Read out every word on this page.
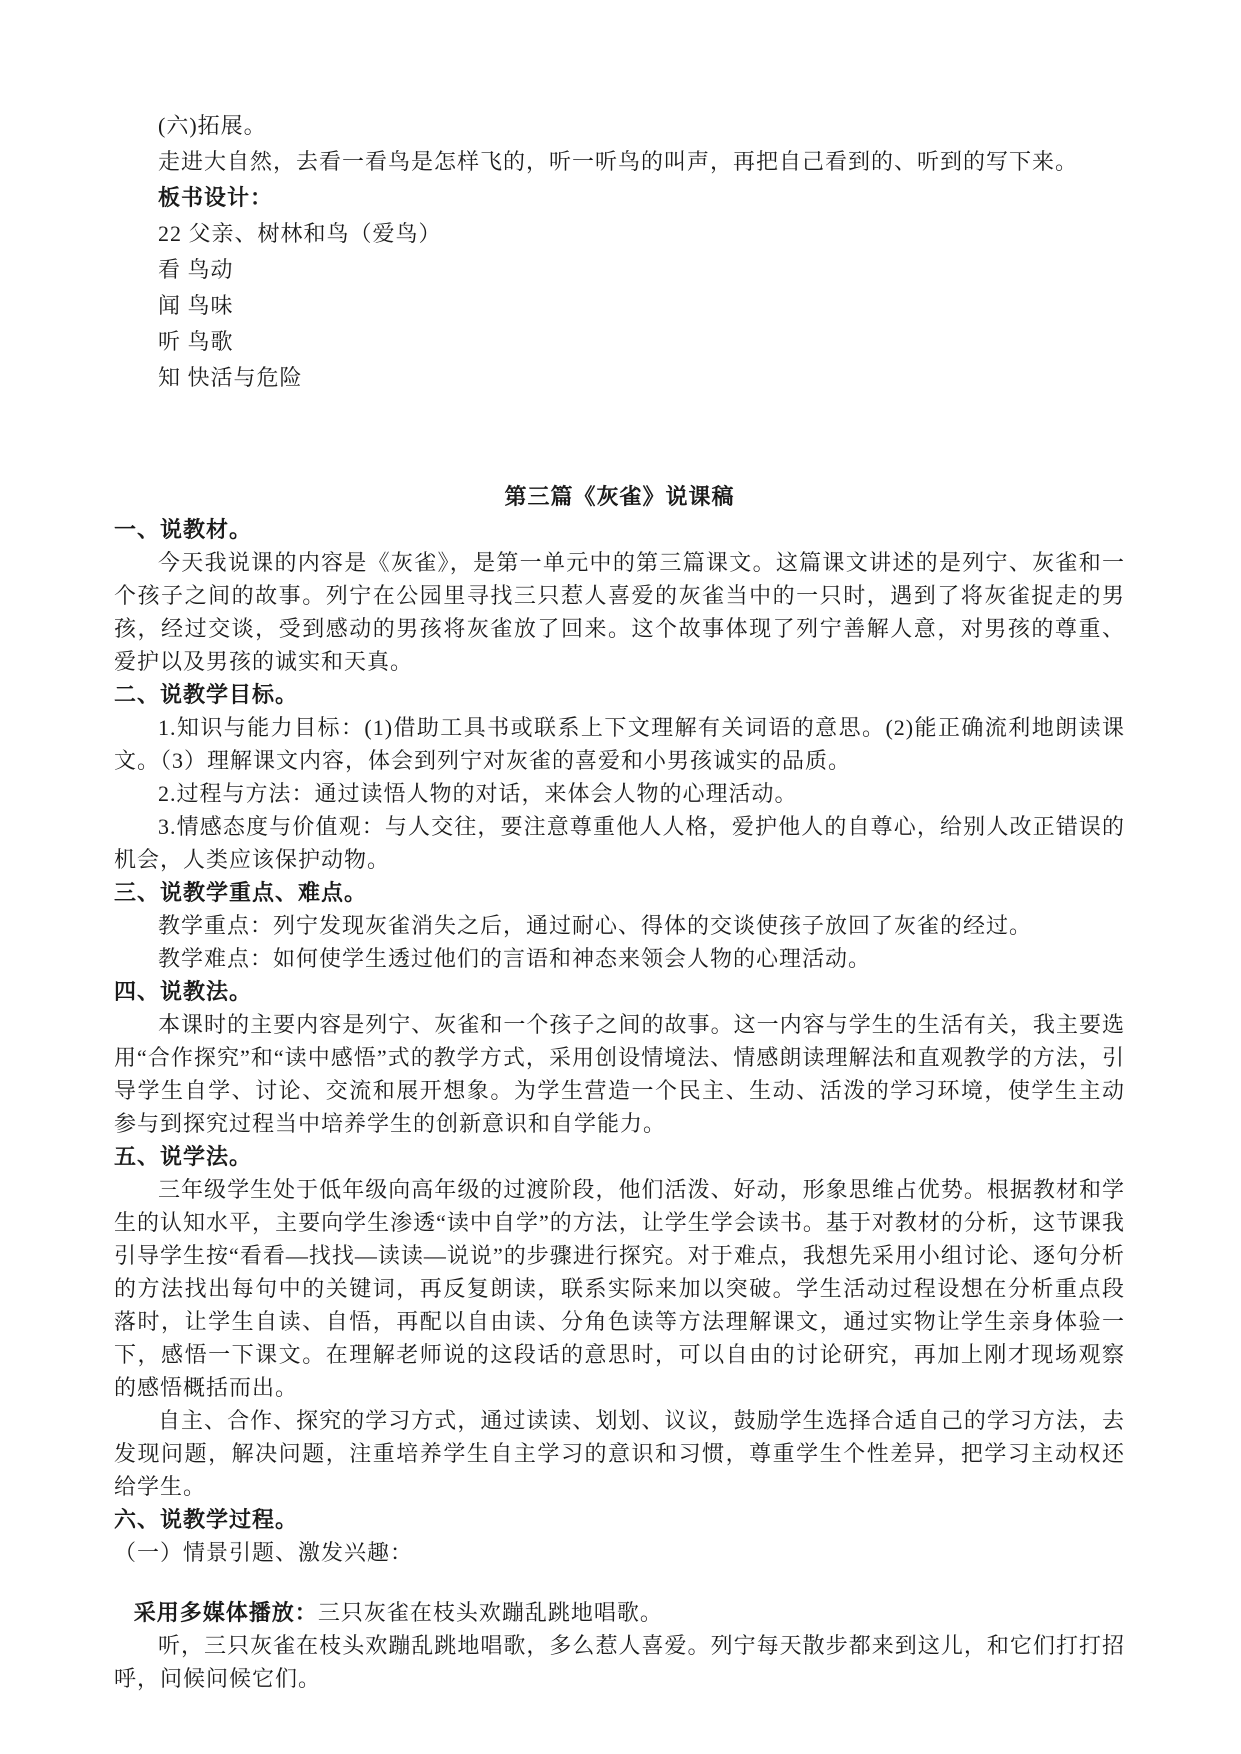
(六)拓展。
走进大自然，去看一看鸟是怎样飞的，听一听鸟的叫声，再把自己看到的、听到的写下来。
板书设计：
22 父亲、树林和鸟（爱鸟）
看 鸟动
闻 鸟味
听 鸟歌
知 快活与危险
第三篇《灰雀》说课稿
一、说教材。
今天我说课的内容是《灰雀》，是第一单元中的第三篇课文。这篇课文讲述的是列宁、灰雀和一个孩子之间的故事。列宁在公园里寻找三只惹人喜爱的灰雀当中的一只时，遇到了将灰雀捉走的男孩，经过交谈，受到感动的男孩将灰雀放了回来。这个故事体现了列宁善解人意，对男孩的尊重、爱护以及男孩的诚实和天真。
二、说教学目标。
1.知识与能力目标：(1)借助工具书或联系上下文理解有关词语的意思。(2)能正确流利地朗读课文。（3）理解课文内容，体会到列宁对灰雀的喜爱和小男孩诚实的品质。
2.过程与方法：通过读悟人物的对话，来体会人物的心理活动。
3.情感态度与价值观：与人交往，要注意尊重他人人格，爱护他人的自尊心，给别人改正错误的机会，人类应该保护动物。
三、说教学重点、难点。
教学重点：列宁发现灰雀消失之后，通过耐心、得体的交谈使孩子放回了灰雀的经过。
教学难点：如何使学生透过他们的言语和神态来领会人物的心理活动。
四、说教法。
本课时的主要内容是列宁、灰雀和一个孩子之间的故事。这一内容与学生的生活有关，我主要选用“合作探究”和“读中感悟”式的教学方式，采用创设情境法、情感朗读理解法和直观教学的方法，引导学生自学、讨论、交流和展开想象。为学生营造一个民主、生动、活泼的学习环境，使学生主动参与到探究过程当中培养学生的创新意识和自学能力。
五、说学法。
三年级学生处于低年级向高年级的过渡阶段，他们活泼、好动，形象思维占优势。根据教材和学生的认知水平，主要向学生渗透“读中自学”的方法，让学生学会读书。基于对教材的分析，这节课我引导学生按“看看—找找—读读—说说”的步骤进行探究。对于难点，我想先采用小组讨论、逐句分析的方法找出每句中的关键词，再反复朗读，联系实际来加以突破。学生活动过程设想在分析重点段落时，让学生自读、自悟，再配以自由读、分角色读等方法理解课文，通过实物让学生亲身体验一下，感悟一下课文。在理解老师说的这段话的意思时，可以自由的讨论研究，再加上刚才现场观察的感悟概括而出。
自主、合作、探究的学习方式，通过读读、划划、议议，鼓励学生选择合适自己的学习方法，去发现问题，解决问题，注重培养学生自主学习的意识和习惯，尊重学生个性差异，把学习主动权还给学生。
六、说教学过程。
（一）情景引题、激发兴趣：
采用多媒体播放：三只灰雀在枝头欢蹦乱跳地唱歌。
听，三只灰雀在枝头欢蹦乱跳地唱歌，多么惹人喜爱。列宁每天散步都来到这儿，和它们打打招呼，问候问候它们。
